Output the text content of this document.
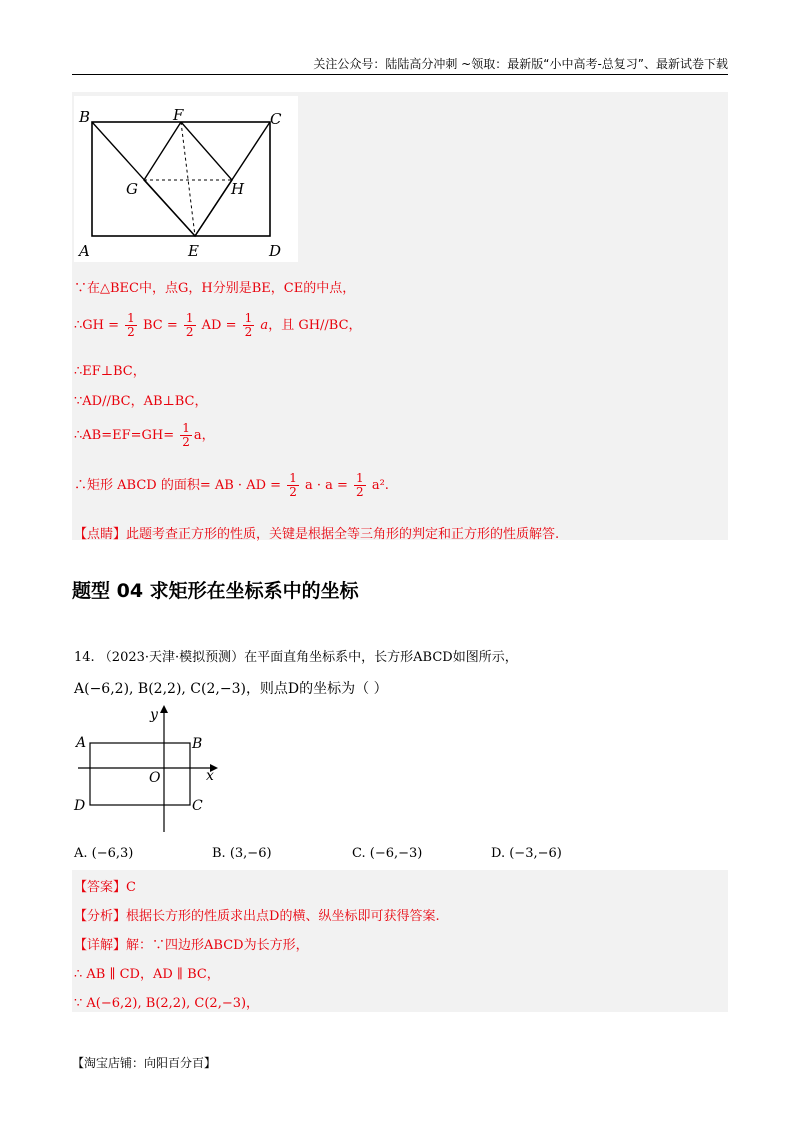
关注公众号：陆陆高分冲刺 ~领取：最新版“小中高考-总复习”、最新试卷下载
B	F	C
G	H
A	E	D
∵在△BEC中，点G，H分别是BE，CE的中点，
∴GH = $\frac{1}{2}$ BC = $\frac{1}{2}$ AD = $\frac{1}{2}$ a，且 GH//BC，
∴EF⊥BC，
∵AD//BC，AB⊥BC，
∴AB=EF=GH= $\frac{1}{2}$ a，
∴矩形 ABCD 的面积= AB · AD = $\frac{1}{2}$ $a \cdot a = \frac{1}{2} a^2$.
【点睛】此题考查正方形的性质，关键是根据全等三角形的判定和正方形的性质解答.
题型 04 求矩形在坐标系中的坐标
14. （2023·天津·模拟预测）在平面直角坐标系中，长方形ABCD如图所示，
A(−6,2), B(2,2), C(2,−3)，则点D的坐标为（ ）
y
x
A	B
O
C
D
A. (−6,3)	B. (3,−6)	C. (−6,−3)	D. (−3,−6)
【答案】C
【分析】根据长方形的性质求出点D的横、纵坐标即可获得答案.
【详解】解：∵四边形ABCD为长方形，
∴ AB ∥ CD，AD ∥ BC，
∵ A(−6,2), B(2,2), C(2,−3)，
【淘宝店铺：向阳百分百】
